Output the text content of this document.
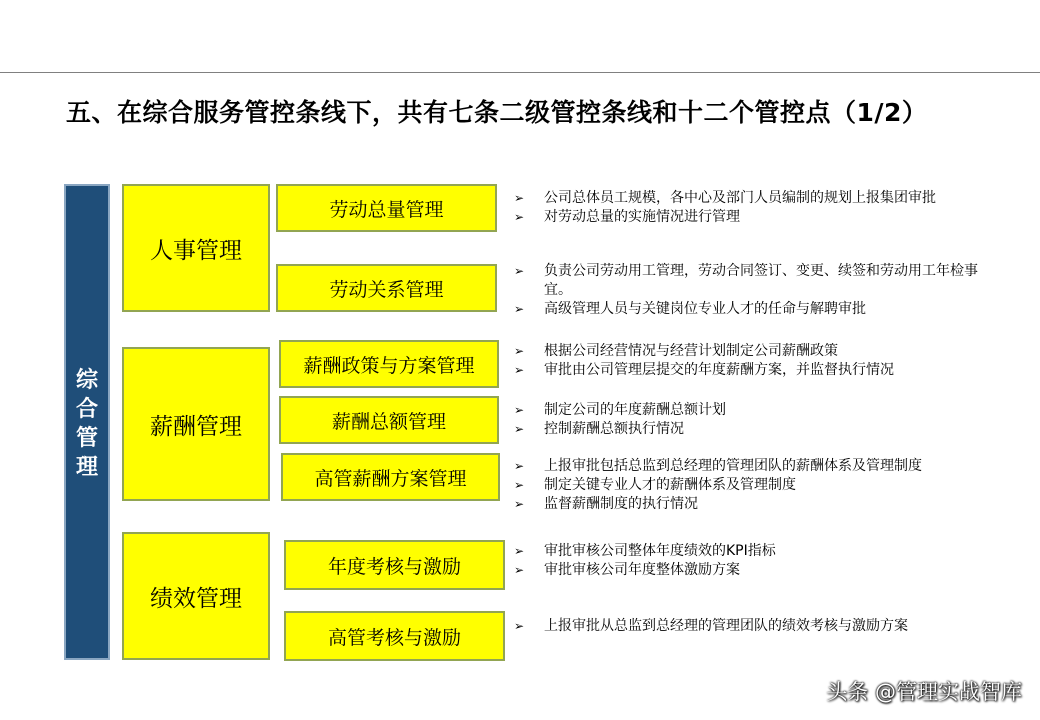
五、在综合服务管控条线下，共有七条二级管控条线和十二个管控点（1/2）
综
合
管
理
人事管理
薪酬管理
绩效管理
劳动总量管理
劳动关系管理
薪酬政策与方案管理
薪酬总额管理
高管薪酬方案管理
年度考核与激励
高管考核与激励
➢ 公司总体员工规模，各中心及部门人员编制的规划上报集团审批
➢ 对劳动总量的实施情况进行管理
➢ 负责公司劳动用工管理，劳动合同签订、变更、续签和劳动用工年检事宜。
➢ 高级管理人员与关键岗位专业人才的任命与解聘审批
➢ 根据公司经营情况与经营计划制定公司薪酬政策
➢ 审批由公司管理层提交的年度薪酬方案，并监督执行情况
➢ 制定公司的年度薪酬总额计划
➢ 控制薪酬总额执行情况
➢ 上报审批包括总监到总经理的管理团队的薪酬体系及管理制度
➢ 制定关键专业人才的薪酬体系及管理制度
➢ 监督薪酬制度的执行情况
➢ 审批审核公司整体年度绩效的KPI指标
➢ 审批审核公司年度整体激励方案
➢ 上报审批从总监到总经理的管理团队的绩效考核与激励方案
头条 @管理实战智库
